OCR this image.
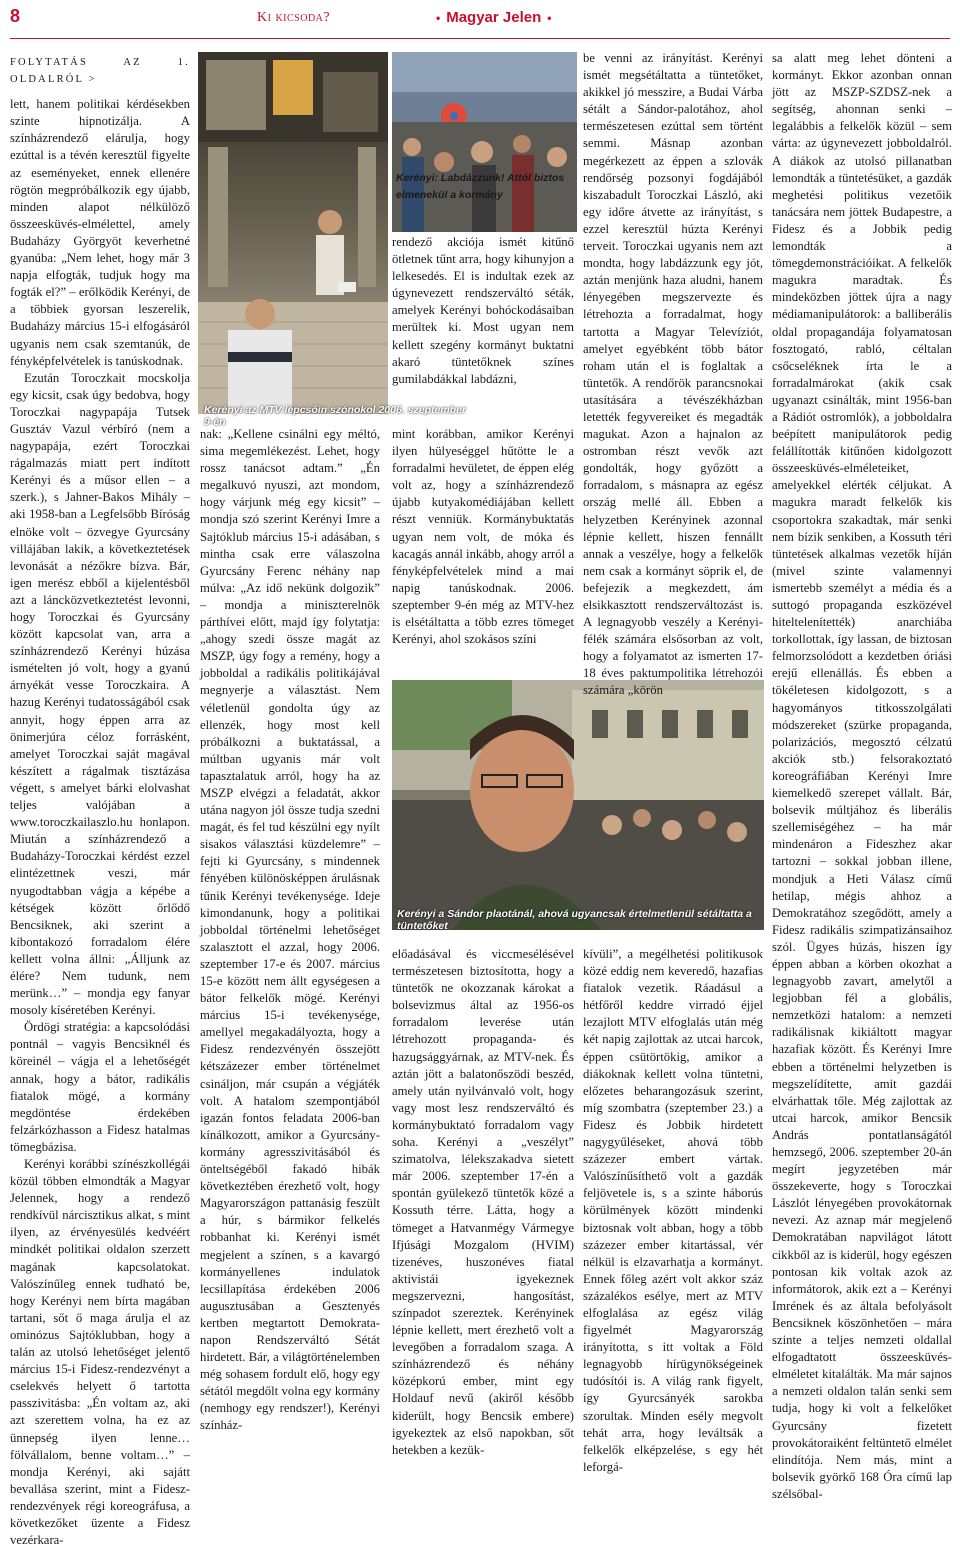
8	Ki kicsoda?	• Magyar Jelen •
FOLYTATÁS AZ 1. OLDALRÓL >

lett, hanem politikai kérdésekben szinte hipnotizálja. A színházrendező elárulja, hogy ezúttal is a tévén keresztül figyelte az eseményeket, ennek ellenére rögtön megpróbálkozik egy újabb, minden alapot nélkülöző összeesküvés-elmélettel, amely Budaházy Györgyöt keverhetné gyanúba: „Nem lehet, hogy már 3 napja elfogták, tudjuk hogy ma fogták el?” – erőlködik Kerényi, de a többiek gyorsan leszerelik, Budaházy március 15-i elfogásáról ugyanis nem csak szemtanúk, de fényképfelvételek is tanúskodnak.

Ezután Toroczkait mocskolja egy kicsit, csak úgy bedobva, hogy Toroczkai nagypapája Tutsek Gusztáv Vazul vérbíró (nem a nagypapája, ezért Toroczkai rágalmazás miatt pert indított Kerényi és a műsor ellen – a szerk.), s Jahner-Bakos Mihály – aki 1958-ban a Legfelsőbb Bíróság elnöke volt – özvegye Gyurcsány villájában lakik, a következtetések levonását a nézőkre bízva. Bár, igen merész ebből a kijelentésből azt a láncközvetkeztetést levonni, hogy Toroczkai és Gyurcsány között kapcsolat van, arra a színházrendező Kerényi húzása ismételten jó volt, hogy a gyanú árnyékát vesse Toroczkaira. A hazug Kerényi tudatosságából csak annyit, hogy éppen arra az önimerjúra céloz forrásként, amelyet Toroczkai saját magával készített a rágalmak tisztázása végett, s amelyet bárki elolvashat teljes valójában a www.toroczkailaszlo.hu honlapon. Miután a színházrendező a Budaházy-Toroczkai kérdést ezzel elintézettnek veszi, már nyugodtabban vágja a képébe a kétségek között őrlődő Bencsiknek, aki szerint a kibontakozó forradalom élére kellett volna állni: „Álljunk az élére? Nem tudunk, nem merünk…” – mondja egy fanyar mosoly kíséretében Kerényi.

Ördögi stratégia: a kapcsolódási pontnál – vagyis Bencsiknél és köreinél – vágja el a lehetőségét annak, hogy a bátor, radikális fiatalok mögé, a kormány megdöntése érdekében felzárkózhasson a Fidesz hatalmas tömegbázisa.

Kerényi korábbi színészkollégái közül többen elmondták a Magyar Jelennek, hogy a rendező rendkívül nárcisztikus alkat, s mint ilyen, az érvényesülés kedvéért mindkét politikai oldalon szerzett magának kapcsolatokat. Valószínűleg ennek tudható be, hogy Kerényi nem bírta magában tartani, sőt ő maga árulja el az ominózus Sajtóklubban, hogy a talán az utolsó lehetőséget jelentő március 15-i Fidesz-rendezvényt a cselekvés helyett ő tartotta passzivitásba: „Én voltam az, aki azt szerettem volna, ha ez az ünnepség ilyen lenne…fölvállalom, benne voltam…” – mondja Kerényi, aki sajátt bevallása szerint, mint a Fidesz-rendezvények régi koreográfusa, a következőket üzente a Fidesz vezérkara-

Kerényi az MTV lépcsőin szónokol 2006. szeptember 9-én
Kerényi: Labdázzunk! Attól biztos elmenekül a kormány

rendező akciója ismét kitűnő ötletnek tűnt arra, hogy kihunyjon a lelkesedés. El is indultak ezek az úgynevezett rendszerváltó séták, amelyek Kerényi bohóckodásaiban merültek ki. Most ugyan nem kellett szegény kormányt buktatni akaró tüntetőknek színes gumilabdákkal labdázni,

nak: „Kellene csinálni egy méltó, sima megemlékezést. Lehet, hogy rossz tanácsot adtam.” „Én megalkuvó nyuszi, azt mondom, hogy várjunk még egy kicsit” – mondja szó szerint Kerényi Imre a Sajtóklub március 15-i adásában, s mintha csak erre válaszolna Gyurcsány Ferenc néhány nap múlva: „Az idő nekünk dolgozik” – mondja a miniszterelnök párthívei előtt, majd így folytatja: „ahogy szedi össze magát az MSZP, úgy fogy a remény, hogy a jobboldal a radikális politikájával megnyerje a választást. Nem véletlenül gondolta úgy az ellenzék, hogy most kell próbálkozni a buktatással, a múltban ugyanis már volt tapasztalatuk arról, hogy ha az MSZP elvégzi a feladatát, akkor utána nagyon jól össze tudja szedni magát, és fel tud készülni egy nyílt sisakos választási küzdelemre” – fejti ki Gyurcsány, s mindennek fényében különösképpen árulásnak tűnik Kerényi tevékenysége. Ideje kimondanunk, hogy a politikai jobboldal történelmi lehetőséget szalasztott el azzal, hogy 2006. szeptember 17-e és 2007. március 15-e között nem állt egységesen a bátor felkelők mögé. Kerényi március 15-i tevékenysége, amellyel megakadályozta, hogy a Fidesz rendezvényén összejött kétszázezer ember történelmet csináljon, már csupán a végjáték volt. A hatalom szempontjából igazán fontos feladata 2006-ban kínálkozott, amikor a Gyurcsány-kormány agresszivitásából és önteltségéből fakadó hibák következtében érezhető volt, hogy Magyarországon pattanásig feszült a húr, s bármikor felkelés robbanhat ki. Kerényi ismét megjelent a színen, s a kavargó kormányellenes indulatok lecsillapítása érdekében 2006 augusztusában a Gesztenyés kertben megtartott Demokrata-napon Rendszerváltó Sétát hirdetett. Bár, a világtörténelemben még sohasem fordult elő, hogy egy sétától megdőlt volna egy kormány (nemhogy egy rendszer!), Kerényi színház-

mint korábban, amikor Kerényi ilyen hülyeséggel hűtötte le a forradalmi hevületet, de éppen elég volt az, hogy a színházrendező újabb kutyakomédiájában kellett részt venniük. Kormánybuktatás ugyan nem volt, de móka és kacagás annál inkább, ahogy arról a fényképfelvételek mind a mai napig tanúskodnak. 2006. szeptember 9-én még az MTV-hez is elsétáltatta a több ezres tömeget Kerényi, ahol szokásos színi

Kerényi a Sándor plaotánál, ahová ugyancsak értelmetlenül sétáltatta a tüntetőket

előadásával és viccmesélésével természetesen biztosította, hogy a tüntetők ne okozzanak károkat a bolsevizmus által az 1956-os forradalom leverése után létrehozott propaganda- és hazugsággyárnak, az MTV-nek. És aztán jött a balatonőszödi beszéd, amely után nyilvánvaló volt, hogy vagy most lesz rendszerváltó és kormánybuktató forradalom vagy soha. Kerényi a „veszélyt” szimatolva, lélekszakadva sietett már 2006. szeptember 17-én a spontán gyülekező tüntetők közé a Kossuth térre. Látta, hogy a tömeget a Hatvanmégy Vármegye Ifjúsági Mozgalom (HVIM) tizenéves, huszonéves fiatal aktivistái igyekeznek megszervezni, hangosítást, színpadot szereztek. Kerényinek lépnie kellett, mert érezhető volt a levegőben a forradalom szaga. A színházrendező és néhány középkorú ember, mint egy Holdauf nevű (akiről később kiderült, hogy Bencsik embere) igyekeztek az első napokban, sőt hetekben a kezük-

be venni az irányítást. Kerényi ismét megsétáltatta a tüntetőket, akikkel jó messzire, a Budai Várba sétált a Sándor-palotához, ahol természetesen ezúttal sem történt semmi. Másnap azonban megérkezett az éppen a szlovák rendőrség pozsonyi fogdájából kiszabadult Toroczkai László, aki egy időre átvette az irányítást, s ezzel keresztül húzta Kerényi terveit. Toroczkai ugyanis nem azt mondta, hogy labdázzunk egy jót, aztán menjünk haza aludni, hanem lényegében megszervezte és létrehozta a forradalmat, hogy tartotta a Magyar Televíziót, amelyet egyébként több bátor roham után el is foglaltak a tüntetők. A rendőrök parancsnokai utasítására a tévészékházban letették fegyvereiket és megadták magukat. Azon a hajnalon az ostromban részt vevők azt gondolták, hogy győzött a forradalom, s másnapra az egész ország mellé áll. Ebben a helyzetben Kerényinek azonnal lépnie kellett, hiszen fennállt annak a veszélye, hogy a felkelők nem csak a kormányt söprik el, de befejezik a megkezdett, ám elsikkasztott rendszerváltozást is. A legnagyobb veszély a Kerényi-félék számára elsősorban az volt, hogy a folyamatot az ismerten 17-18 éves paktumpolitika létrehozói számára „körön

kívüli”, a megélhetési politikusok közé eddig nem keveredő, hazafias fiatalok vezetik. Ráadásul a hétfőről keddre virradó éjjel lezajlott MTV elfoglalás után még két napig zajlottak az utcai harcok, éppen csütörtökig, amikor a diákoknak kellett volna tüntetni, előzetes beharangozásuk szerint, míg szombatra (szeptember 23.) a Fidesz és Jobbik hirdetett nagygyűléseket, ahová több százezer embert vártak. Valószínűsíthető volt a gazdák feljövetele is, s a szinte háborús körülmények között mindenki biztosnak volt abban, hogy a több százezer ember kitartással, vér nélkül is elzavarhatja a kormányt. Ennek főleg azért volt akkor száz százalékos esélye, mert az MTV elfoglalása az egész világ figyelmét Magyarország irányította, s itt voltak a Föld legnagyobb hírügynökségeinek tudósítói is. A világ rank figyelt, így Gyurcsányék sarokba szorultak. Minden esély megvolt tehát arra, hogy leváltsák a felkelők elképzelése, s egy hét leforgá-

sa alatt meg lehet dönteni a kormányt. Ekkor azonban onnan jött az MSZP-SZDSZ-nek a segítség, ahonnan senki – legalábbis a felkelők közül – sem várta: az úgynevezett jobboldalról. A diákok az utolsó pillanatban lemondták a tüntetésüket, a gazdák meghetési politikus vezetőik tanácsára nem jöttek Budapestre, a Fidesz és a Jobbik pedig lemondták a tömegdemonstrációikat. A felkelők magukra maradtak. És mindeközben jöttek újra a nagy médiamanipulátorok: a balliberális oldal propagandája folyamatosan fosztogató, rabló, céltalan csőcseléknek írta le a forradalmárokat (akik csak ugyanazt csinálták, mint 1956-ban a Rádiót ostromlók), a jobboldalra beépített manipulátorok pedig felállították kitűnően kidolgozott összeesküvés-elméleteiket, amelyekkel elérték céljukat. A magukra maradt felkelők kis csoportokra szakadtak, már senki nem bízik senkiben, a Kossuth téri tüntetések alkalmas vezetők híján (mivel szinte valamennyi ismertebb személyt a média és a suttogó propaganda eszközével hiteltelenítették) anarchiába torkollottak, így lassan, de biztosan felmorzsolódott a kezdetben óriási erejű ellenállás. És ebben a tökéletesen kidolgozott, s a hagyományos titkosszolgálati módszereket (szürke propaganda, polarizációs, megosztó célzatú akciók stb.) felsorakoztató koreográfiában Kerényi Imre kiemelkedő szerepet vállalt. Bár, bolsevik múltjához és liberális szellemiségéhez – ha már mindenáron a Fideszhez akar tartozni – sokkal jobban illene, mondjuk a Heti Válasz című hetilap, mégis ahhoz a Demokratához szegődött, amely a Fidesz radikális szimpatizánsaihoz szól. Ügyes húzás, hiszen így éppen abban a körben okozhat a legnagyobb zavart, amelytől a legjobban fél a globális, nemzetközi hatalom: a nemzeti radikálisnak kikiáltott magyar hazafiak között. És Kerényi Imre ebben a történelmi helyzetben is megszelídítette, amit gazdái elvárhattak tőle. Még zajlottak az utcai harcok, amikor Bencsik András pontatlanságától hemzsegő, 2006. szeptember 20-án megírt jegyzetében már összekeverte, hogy s Toroczkai Lászlót lényegében provokátornak nevezi. Az aznap már megjelenő Demokratában napvilágot látott cikkből az is kiderül, hogy egészen pontosan kik voltak azok az informátorok, akik ezt a – Kerényi Imrének és az általa befolyásolt Bencsiknek köszönhetően – mára szinte a teljes nemzeti oldallal elfogadtatott összeesküvés-elméletet kitalálták. Ma már sajnos a nemzeti oldalon talán senki sem tudja, hogy ki volt a felkelőket Gyurcsány fizetett provokátoraiként feltüntető elmélet elindítója. Nem más, mint a bolsevik györkő 168 Óra című lap szélsőbal-
